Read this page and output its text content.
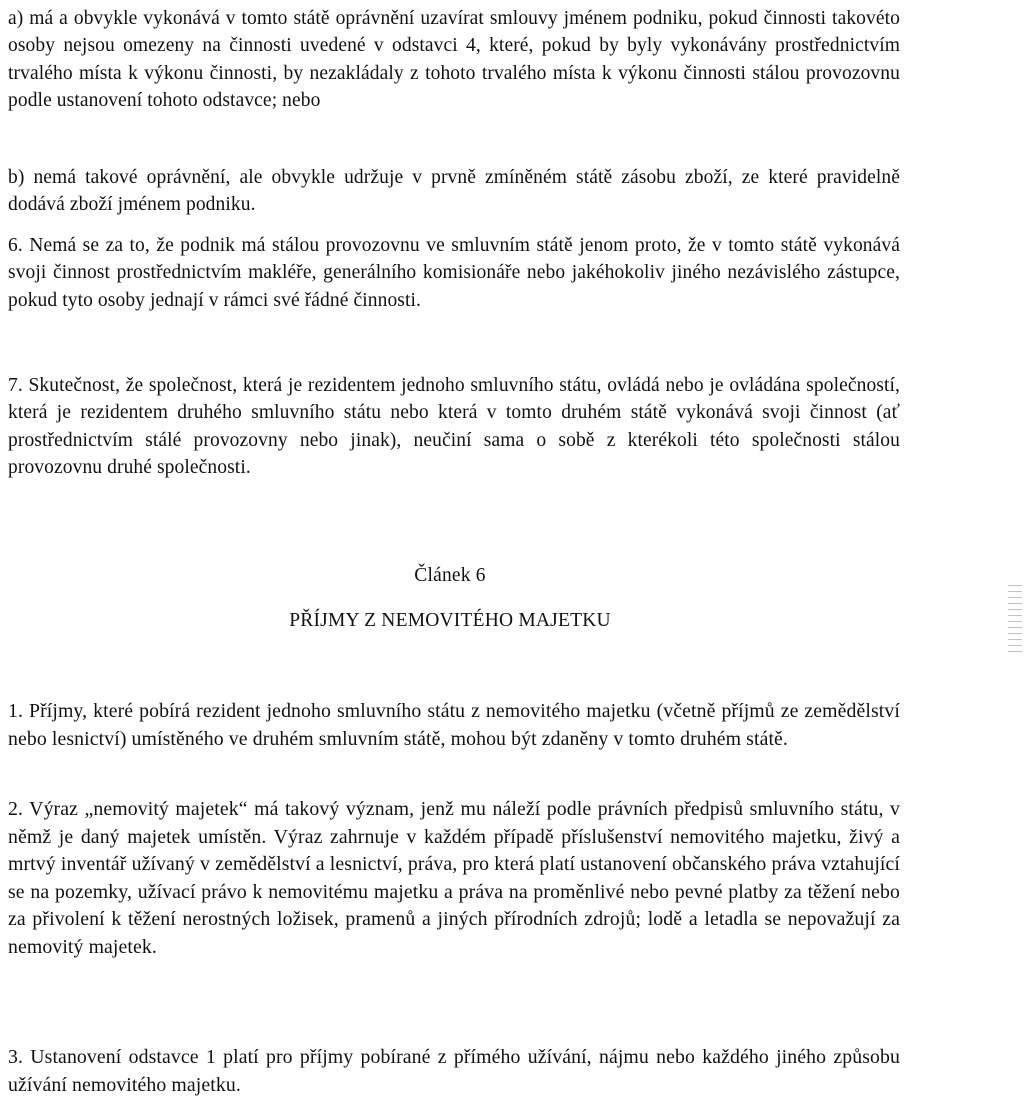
a) má a obvykle vykonává v tomto státě oprávnění uzavírat smlouvy jménem podniku, pokud činnosti takovéto osoby nejsou omezeny na činnosti uvedené v odstavci 4, které, pokud by byly vykonávány prostřednictvím trvalého místa k výkonu činnosti, by nezakládaly z tohoto trvalého místa k výkonu činnosti stálou provozovnu podle ustanovení tohoto odstavce; nebo

b) nemá takové oprávnění, ale obvykle udržuje v prvně zmíněném státě zásobu zboží, ze které pravidelně dodává zboží jménem podniku.

6. Nemá se za to, že podnik má stálou provozovnu ve smluvním státě jenom proto, že v tomto státě vykonává svoji činnost prostřednictvím makléře, generálního komisionáře nebo jakéhokoliv jiného nezávislého zástupce, pokud tyto osoby jednají v rámci své řádné činnosti.

7. Skutečnost, že společnost, která je rezidentem jednoho smluvního státu, ovládá nebo je ovládána společností, která je rezidentem druhého smluvního státu nebo která v tomto druhém státě vykonává svoji činnost (ať prostřednictvím stálé provozovny nebo jinak), neučiní sama o sobě z kterékoli této společnosti stálou provozovnu druhé společnosti.

Článek 6

PŘÍJMY Z NEMOVITÉHO MAJETKU

1. Příjmy, které pobírá rezident jednoho smluvního státu z nemovitého majetku (včetně příjmů ze zemědělství nebo lesnictví) umístěného ve druhém smluvním státě, mohou být zdaněny v tomto druhém státě.

2. Výraz „nemovitý majetek“ má takový význam, jenž mu náleží podle právních předpisů smluvního státu, v němž je daný majetek umístěn. Výraz zahrnuje v každém případě příslušenství nemovitého majetku, živý a mrtvý inventář užívaný v zemědělství a lesnictví, práva, pro která platí ustanovení občanského práva vztahující se na pozemky, užívací právo k nemovitému majetku a práva na proměnlivé nebo pevné platby za těžení nebo za přivolení k těžení nerostných ložisek, pramenů a jiných přírodních zdrojů; lodě a letadla se nepovažují za nemovitý majetek.

3. Ustanovení odstavce 1 platí pro příjmy pobírané z přímého užívání, nájmu nebo každého jiného způsobu užívání nemovitého majetku.
